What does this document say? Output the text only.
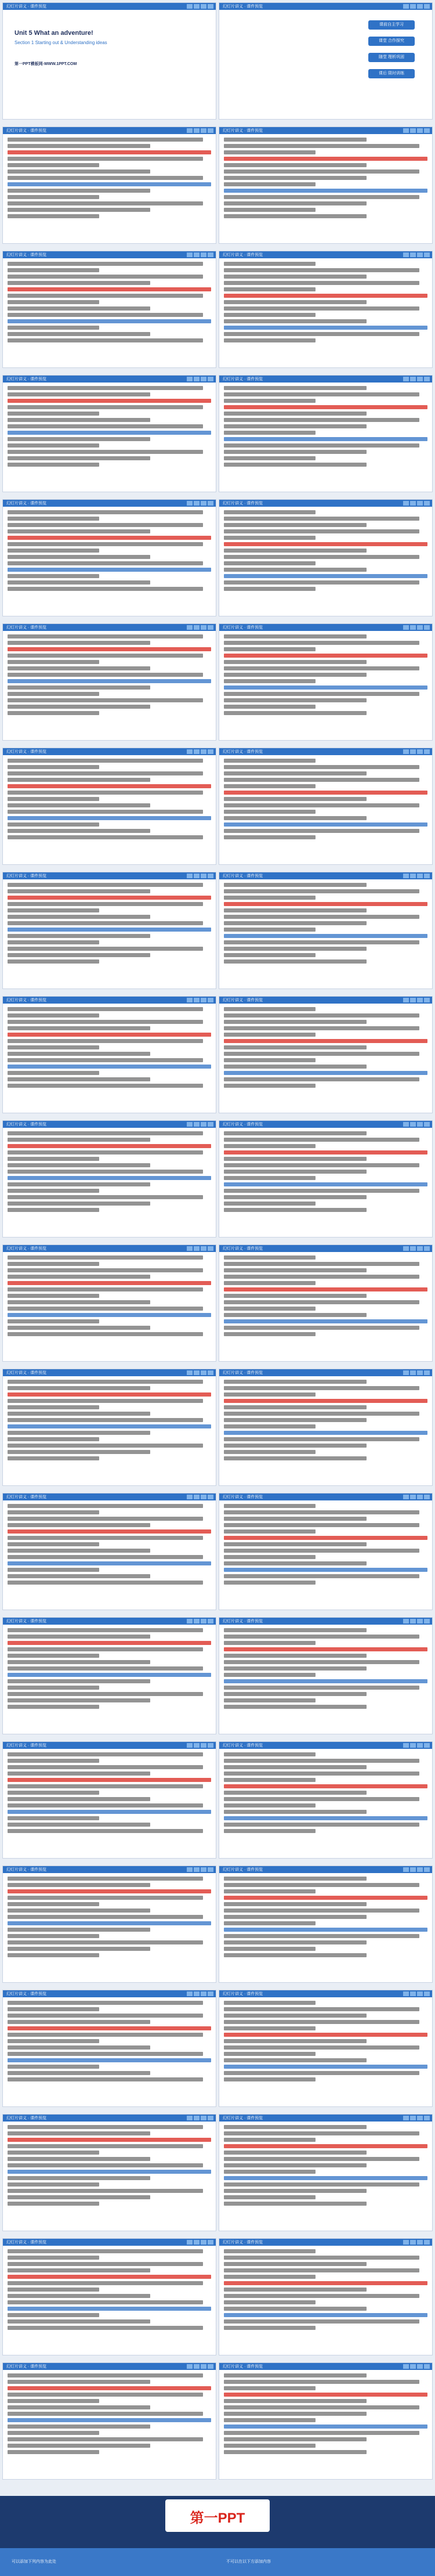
幻灯片讲义 · 课件预览
Unit 5 What an adventure!
Section 1 Starting out & Understanding ideas
第一PPT模板网-WWW.1PPT.COM
幻灯片讲义 · 课件预览
课前自主学习
课堂 合作探究
随堂 理析巩固
课后 限时训练
幻灯片讲义 · 课件预览	幻灯片讲义 · 课件预览
幻灯片讲义 · 课件预览	幻灯片讲义 · 课件预览
幻灯片讲义 · 课件预览	幻灯片讲义 · 课件预览
幻灯片讲义 · 课件预览	幻灯片讲义 · 课件预览
幻灯片讲义 · 课件预览	幻灯片讲义 · 课件预览
幻灯片讲义 · 课件预览	幻灯片讲义 · 课件预览
幻灯片讲义 · 课件预览	幻灯片讲义 · 课件预览
幻灯片讲义 · 课件预览	幻灯片讲义 · 课件预览
幻灯片讲义 · 课件预览	幻灯片讲义 · 课件预览
幻灯片讲义 · 课件预览	幻灯片讲义 · 课件预览
幻灯片讲义 · 课件预览	幻灯片讲义 · 课件预览
幻灯片讲义 · 课件预览	幻灯片讲义 · 课件预览
幻灯片讲义 · 课件预览	幻灯片讲义 · 课件预览
幻灯片讲义 · 课件预览	幻灯片讲义 · 课件预览
幻灯片讲义 · 课件预览	幻灯片讲义 · 课件预览
幻灯片讲义 · 课件预览	幻灯片讲义 · 课件预览
幻灯片讲义 · 课件预览	幻灯片讲义 · 课件预览
幻灯片讲义 · 课件预览	幻灯片讲义 · 课件预览
幻灯片讲义 · 课件预览	幻灯片讲义 · 课件预览
第一PPT
可以添加下列内容为此处	不可以在以下方添加内容
